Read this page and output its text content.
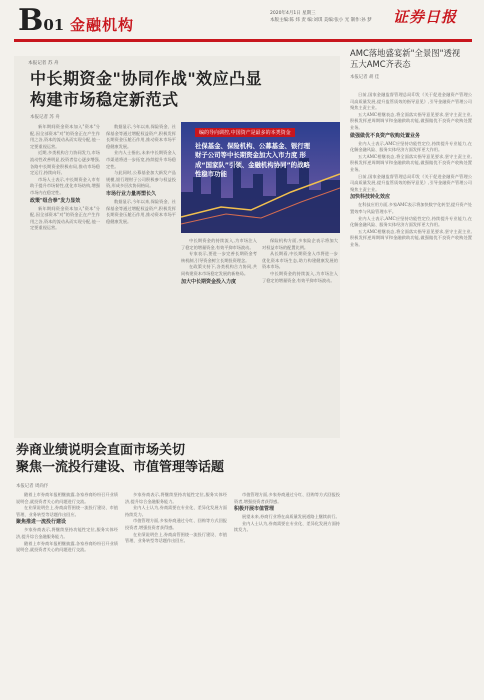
B01 金融机构
2020年4月1日 星期三
本版主编:陈 炜 责 编:刘琪 美编:张小 光 制作:孙 梦	证券日报
本报记者 苏 舟
中长期资金"协同作战"效应凸显
构建市场稳定新范式
本报记者 苏 舟

新年期间资金资本加入"资本"分配,因全部资本"对"的资金正在产生作用之各,资本的流动从而实现分配,他一定要重视运营。

近期,多类机构合力协同发力,市场流动性改善明显,投资者信心逐步增强,各路中长期资金积极布局,推动市场稳定运行,持续向好。

市场人士表示,中长期资金入市有助于提升市场韧性,优化市场结构,增强市场内在稳定性。

政策"组合拳"发力显效

新年期间资金资本加入"资本"分配,因全部资本"对"的资金正在产生作用之各,资本的流动从而实现分配,他一定要重视运营。

数据显示,今年以来,保险资金、社保基金等通过增配权益资产,积极发挥长期资金压舱石作用,推动资本市场平稳健康发展。

业内人士指出,未来中长期资金入市渠道将进一步拓宽,持续提升市场稳定性。

与此同时,公募基金加大新发产品规模,银行理财子公司积极参与权益投资,形成多层次协同格局。

市场行业力量再塑长久

数据显示,今年以来,保险资金、社保基金等通过增配权益资产,积极发挥长期资金压舱石作用,推动资本市场平稳健康发展。

中长期资金的持续流入,为市场注入了稳定的增量资金,有效平抑市场波动。

专家表示,要进一步完善长期资金考核机制,引导资金树立长期投资理念。

在政策支持下,各类机构合力协同,共同构建资本市场稳定发展的新格局。

加大中长期资金投入力度

保险机构方面,多家险企表示将加大对权益市场的配置比例。

从长期看,中长期资金入市将进一步优化资本市场生态,助力构建健康发展的资本市场。

中长期资金的持续流入,为市场注入了稳定的增量资金,有效平抑市场波动。

编的导向调控,中国资产是最多的本类资金
社保基金、保险机构、公募基金、银行理财子公司等中长期资金加大入市力度 形成“国家队”引领、金融机构协同”的战略性稳市功能
券商业绩说明会直面市场关切
聚焦一流投行建设、市值管理等话题
本报记者 周尚伃

随着上市券商年报相继披露,各家券商纷纷召开业绩说明会,就投资者关心的问题进行交流。

在业绩说明会上,券商高管围绕一流投行建设、市值管理、业务转型等话题作出回应。

聚焦推进一流投行建设

多家券商表示,将继续坚持功能性定位,服务实体经济,提升综合金融服务能力。

随着上市券商年报相继披露,各家券商纷纷召开业绩说明会,就投资者关心的问题进行交流。

多家券商表示,将继续坚持功能性定位,服务实体经济,提升综合金融服务能力。

业内人士认为,券商需要在专业化、差异化发展方面持续发力。

市值管理方面,多家券商通过分红、回购等方式回报投资者,增强投资者获得感。

在业绩说明会上,券商高管围绕一流投行建设、市值管理、业务转型等话题作出回应。

市值管理方面,多家券商通过分红、回购等方式回报投资者,增强投资者获得感。

积极开展市值管理

展望未来,券商行业将在高质量发展道路上继续前行。

业内人士认为,券商需要在专业化、差异化发展方面持续发力。

AMC落地盛宴新"全景图"透视
五大AMC齐表态
本报记者 胡 佳

日前,国家金融监督管理总局印发《关于促进金融资产管理公司高质量发展,提升监管质效的指导意见》,引导金融资产管理公司聚焦主责主业。

五大AMC相继表态,将全面落实指导意见要求,坚守主责主业,积极发挥逆周期调节和金融救助功能,做强做优不良资产收购处置业务。

做强做优不良资产收购处置业务

业内人士表示,AMC应坚持功能性定位,持续提升专业能力,在化解金融风险、服务实体经济方面发挥更大作用。

五大AMC相继表态,将全面落实指导意见要求,坚守主责主业,积极发挥逆周期调节和金融救助功能,做强做优不良资产收购处置业务。

日前,国家金融监督管理总局印发《关于促进金融资产管理公司高质量发展,提升监管质效的指导意见》,引导金融资产管理公司聚焦主责主业。

加快科技转化效应

在科技应用方面,多家AMC表示将加快数字化转型,提升资产处置效率与风险管理水平。

业内人士表示,AMC应坚持功能性定位,持续提升专业能力,在化解金融风险、服务实体经济方面发挥更大作用。

五大AMC相继表态,将全面落实指导意见要求,坚守主责主业,积极发挥逆周期调节和金融救助功能,做强做优不良资产收购处置业务。
